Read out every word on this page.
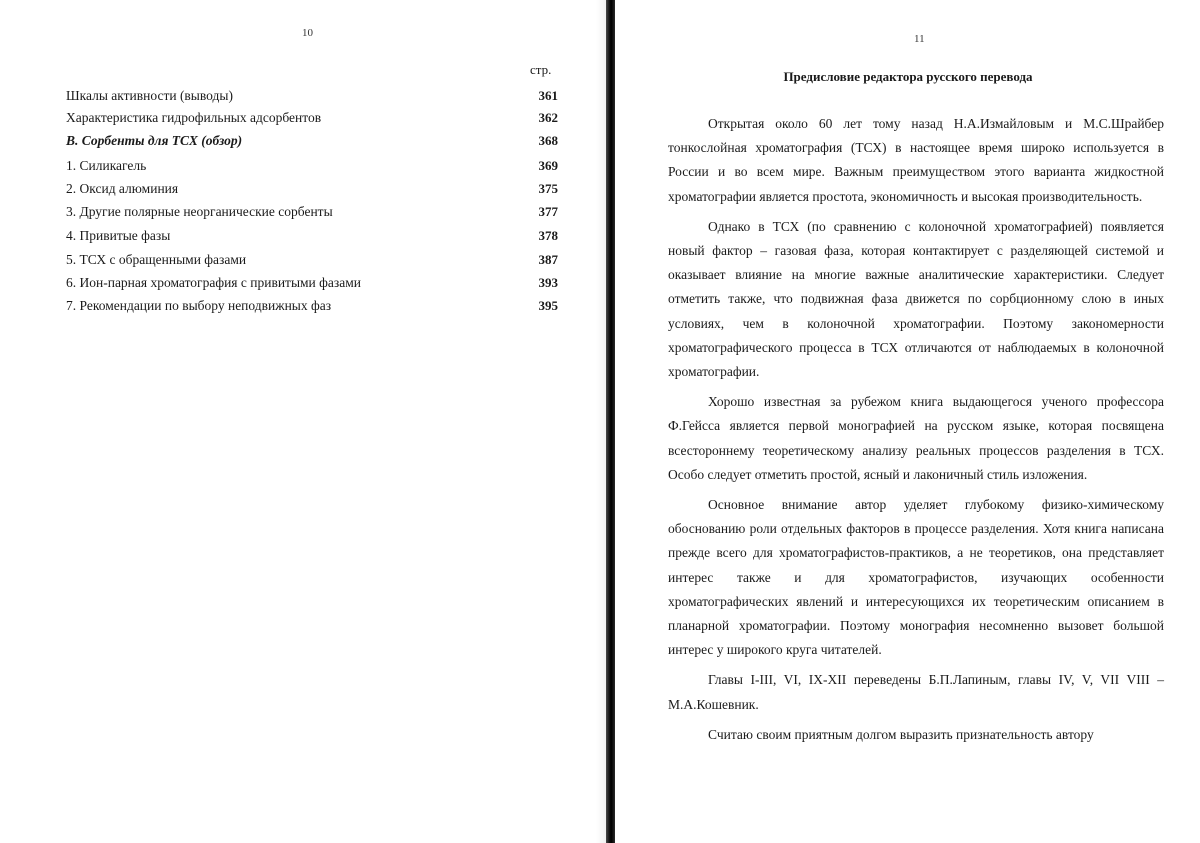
10
стр.
Шкалы активности (выводы)	361
Характеристика гидрофильных адсорбентов	362
В. Сорбенты для ТСХ (обзор)	368
1. Силикагель	369
2. Оксид алюминия	375
3. Другие полярные неорганические сорбенты	377
4. Привитые фазы	378
5. ТСХ с обращенными фазами	387
6. Ион-парная хроматография с привитыми фазами	393
7. Рекомендации по выбору неподвижных фаз	395
11
Предисловие редактора русского перевода

Открытая около 60 лет тому назад Н.А.Измайловым и М.С.Шрайбер тонкослойная хроматография (ТСХ) в настоящее время широко используется в России и во всем мире. Важным преимуществом этого варианта жидкостной хроматографии является простота, экономичность и высокая производительность.

Однако в ТСХ (по сравнению с колоночной хроматографией) появляется новый фактор – газовая фаза, которая контактирует с разделяющей системой и оказывает влияние на многие важные аналитические характеристики. Следует отметить также, что подвижная фаза движется по сорбционному слою в иных условиях, чем в колоночной хроматографии. Поэтому закономерности хроматографического процесса в ТСХ отличаются от наблюдаемых в колоночной хроматографии.

Хорошо известная за рубежом книга выдающегося ученого профессора Ф.Гейсса является первой монографией на русском языке, которая посвящена всестороннему теоретическому анализу реальных процессов разделения в ТСХ. Особо следует отметить простой, ясный и лаконичный стиль изложения.

Основное внимание автор уделяет глубокому физико-химическому обоснованию роли отдельных факторов в процессе разделения. Хотя книга написана прежде всего для хроматографистов-практиков, а не теоретиков, она представляет интерес также и для хроматографистов, изучающих особенности хроматографических явлений и интересующихся их теоретическим описанием в планарной хроматографии. Поэтому монография несомненно вызовет большой интерес у широкого круга читателей.

Главы I-III, VI, IX-XII переведены Б.П.Лапиным, главы IV, V, VII VIII – М.А.Кошевник.

Считаю своим приятным долгом выразить признательность автору
